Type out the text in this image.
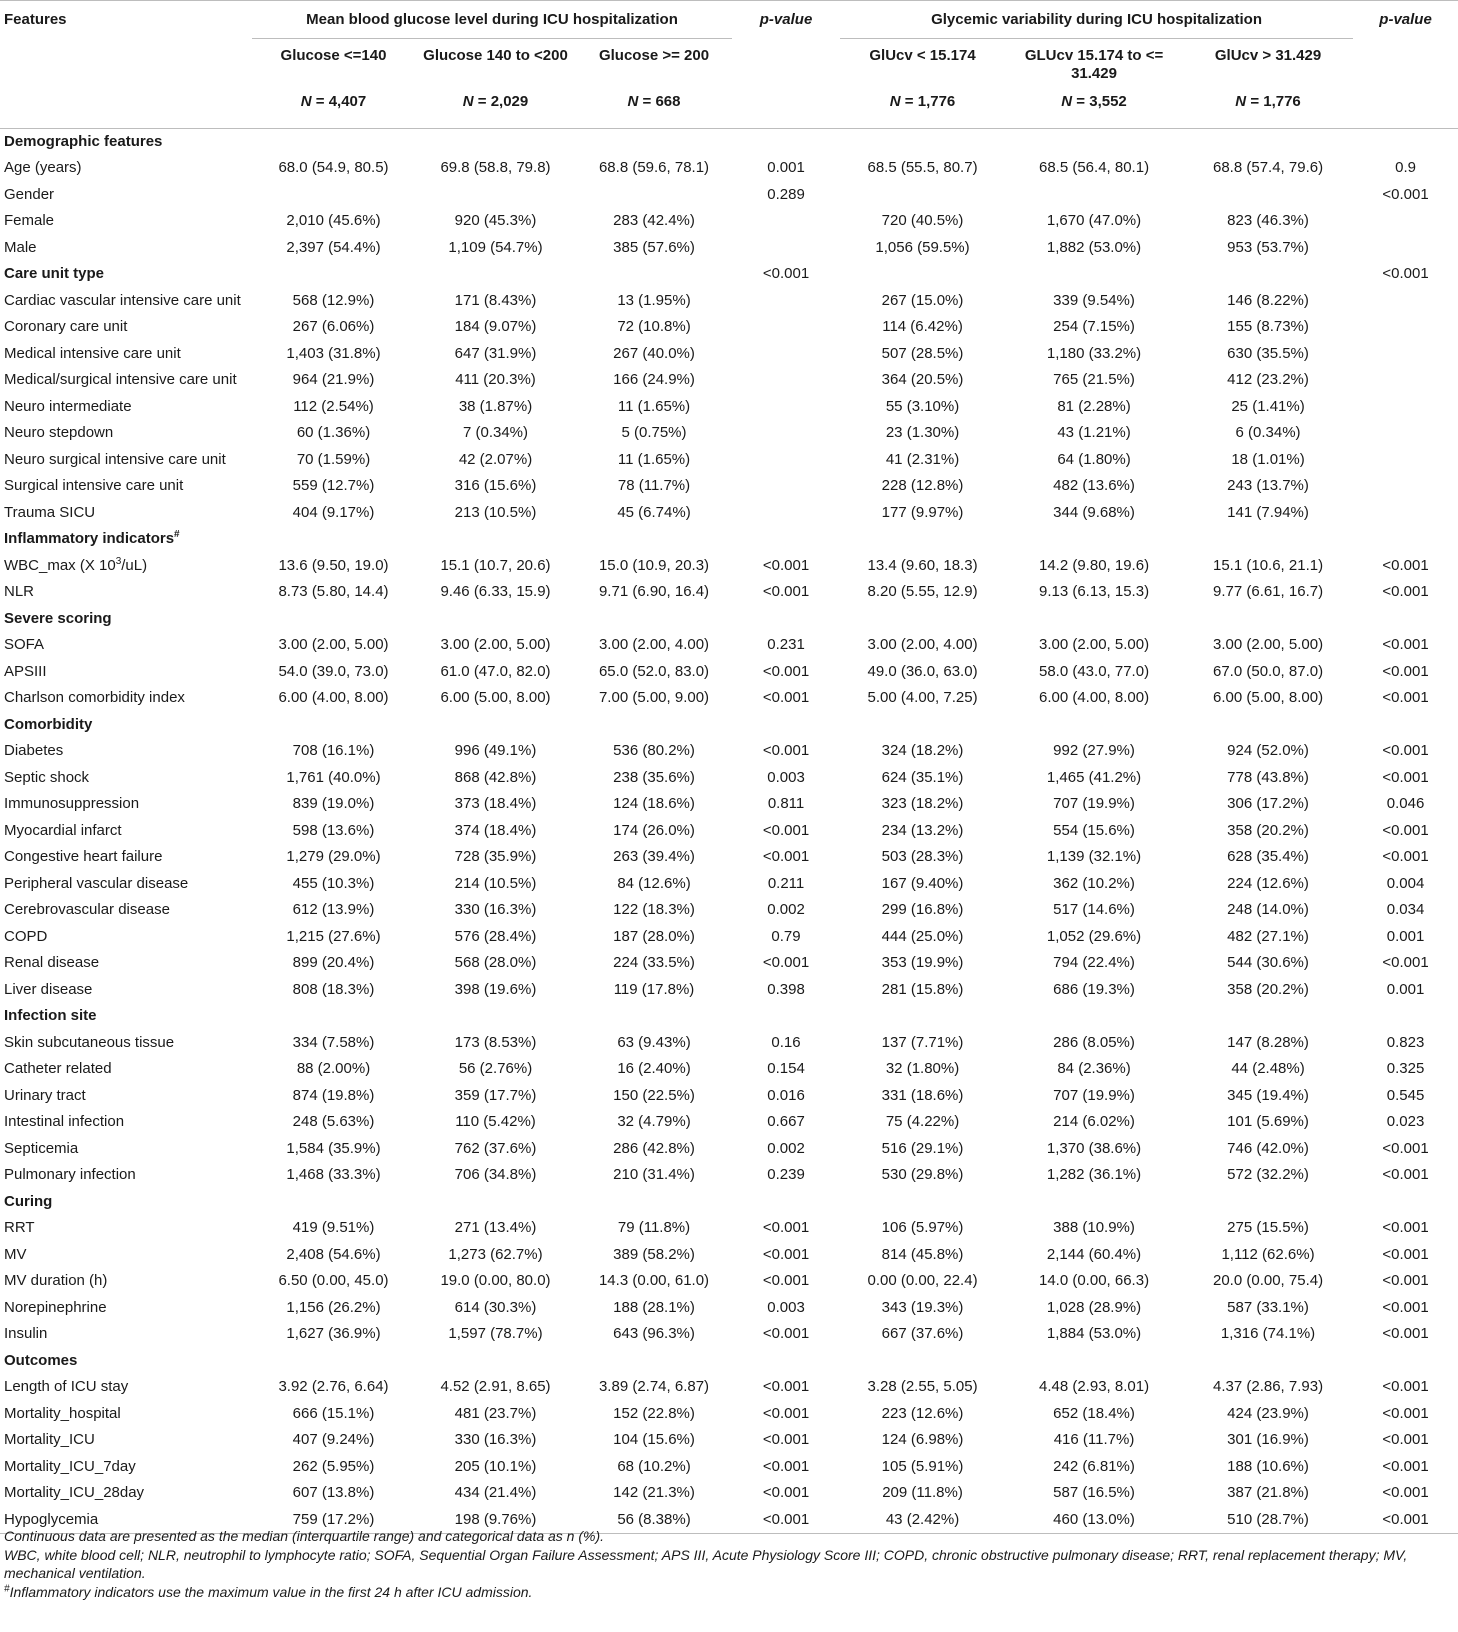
Features	Mean blood glucose level during ICU hospitalization			p-value	Glycemic variability during ICU hospitalization			p-value
	Glucose <=140	Glucose 140 to <200	Glucose >= 200		GlUcv < 15.174	GLUcv 15.174 to <= 31.429	GlUcv > 31.429	
	N = 4,407	N = 2,029	N = 668		N = 1,776	N = 3,552	N = 1,776	
Demographic features								
Age (years)	68.0 (54.9, 80.5)	69.8 (58.8, 79.8)	68.8 (59.6, 78.1)	0.001	68.5 (55.5, 80.7)	68.5 (56.4, 80.1)	68.8 (57.4, 79.6)	0.9
Gender				0.289				<0.001
Female	2,010 (45.6%)	920 (45.3%)	283 (42.4%)		720 (40.5%)	1,670 (47.0%)	823 (46.3%)	
Male	2,397 (54.4%)	1,109 (54.7%)	385 (57.6%)		1,056 (59.5%)	1,882 (53.0%)	953 (53.7%)	
Care unit type				<0.001				<0.001
Cardiac vascular intensive care unit	568 (12.9%)	171 (8.43%)	13 (1.95%)		267 (15.0%)	339 (9.54%)	146 (8.22%)	
Coronary care unit	267 (6.06%)	184 (9.07%)	72 (10.8%)		114 (6.42%)	254 (7.15%)	155 (8.73%)	
Medical intensive care unit	1,403 (31.8%)	647 (31.9%)	267 (40.0%)		507 (28.5%)	1,180 (33.2%)	630 (35.5%)	
Medical/surgical intensive care unit	964 (21.9%)	411 (20.3%)	166 (24.9%)		364 (20.5%)	765 (21.5%)	412 (23.2%)	
Neuro intermediate	112 (2.54%)	38 (1.87%)	11 (1.65%)		55 (3.10%)	81 (2.28%)	25 (1.41%)	
Neuro stepdown	60 (1.36%)	7 (0.34%)	5 (0.75%)		23 (1.30%)	43 (1.21%)	6 (0.34%)	
Neuro surgical intensive care unit	70 (1.59%)	42 (2.07%)	11 (1.65%)		41 (2.31%)	64 (1.80%)	18 (1.01%)	
Surgical intensive care unit	559 (12.7%)	316 (15.6%)	78 (11.7%)		228 (12.8%)	482 (13.6%)	243 (13.7%)	
Trauma SICU	404 (9.17%)	213 (10.5%)	45 (6.74%)		177 (9.97%)	344 (9.68%)	141 (7.94%)	
Inflammatory indicators#								
WBC_max (X $10^3/uL$)	13.6 (9.50, 19.0)	15.1 (10.7, 20.6)	15.0 (10.9, 20.3)	<0.001	13.4 (9.60, 18.3)	14.2 (9.80, 19.6)	15.1 (10.6, 21.1)	<0.001
NLR	8.73 (5.80, 14.4)	9.46 (6.33, 15.9)	9.71 (6.90, 16.4)	<0.001	8.20 (5.55, 12.9)	9.13 (6.13, 15.3)	9.77 (6.61, 16.7)	<0.001
Severe scoring								
SOFA	3.00 (2.00, 5.00)	3.00 (2.00, 5.00)	3.00 (2.00, 4.00)	0.231	3.00 (2.00, 4.00)	3.00 (2.00, 5.00)	3.00 (2.00, 5.00)	<0.001
APSIII	54.0 (39.0, 73.0)	61.0 (47.0, 82.0)	65.0 (52.0, 83.0)	<0.001	49.0 (36.0, 63.0)	58.0 (43.0, 77.0)	67.0 (50.0, 87.0)	<0.001
Charlson comorbidity index	6.00 (4.00, 8.00)	6.00 (5.00, 8.00)	7.00 (5.00, 9.00)	<0.001	5.00 (4.00, 7.25)	6.00 (4.00, 8.00)	6.00 (5.00, 8.00)	<0.001
Comorbidity								
Diabetes	708 (16.1%)	996 (49.1%)	536 (80.2%)	<0.001	324 (18.2%)	992 (27.9%)	924 (52.0%)	<0.001
Septic shock	1,761 (40.0%)	868 (42.8%)	238 (35.6%)	0.003	624 (35.1%)	1,465 (41.2%)	778 (43.8%)	<0.001
Immunosuppression	839 (19.0%)	373 (18.4%)	124 (18.6%)	0.811	323 (18.2%)	707 (19.9%)	306 (17.2%)	0.046
Myocardial infarct	598 (13.6%)	374 (18.4%)	174 (26.0%)	<0.001	234 (13.2%)	554 (15.6%)	358 (20.2%)	<0.001
Congestive heart failure	1,279 (29.0%)	728 (35.9%)	263 (39.4%)	<0.001	503 (28.3%)	1,139 (32.1%)	628 (35.4%)	<0.001
Peripheral vascular disease	455 (10.3%)	214 (10.5%)	84 (12.6%)	0.211	167 (9.40%)	362 (10.2%)	224 (12.6%)	0.004
Cerebrovascular disease	612 (13.9%)	330 (16.3%)	122 (18.3%)	0.002	299 (16.8%)	517 (14.6%)	248 (14.0%)	0.034
COPD	1,215 (27.6%)	576 (28.4%)	187 (28.0%)	0.79	444 (25.0%)	1,052 (29.6%)	482 (27.1%)	0.001
Renal disease	899 (20.4%)	568 (28.0%)	224 (33.5%)	<0.001	353 (19.9%)	794 (22.4%)	544 (30.6%)	<0.001
Liver disease	808 (18.3%)	398 (19.6%)	119 (17.8%)	0.398	281 (15.8%)	686 (19.3%)	358 (20.2%)	0.001
Infection site								
Skin subcutaneous tissue	334 (7.58%)	173 (8.53%)	63 (9.43%)	0.16	137 (7.71%)	286 (8.05%)	147 (8.28%)	0.823
Catheter related	88 (2.00%)	56 (2.76%)	16 (2.40%)	0.154	32 (1.80%)	84 (2.36%)	44 (2.48%)	0.325
Urinary tract	874 (19.8%)	359 (17.7%)	150 (22.5%)	0.016	331 (18.6%)	707 (19.9%)	345 (19.4%)	0.545
Intestinal infection	248 (5.63%)	110 (5.42%)	32 (4.79%)	0.667	75 (4.22%)	214 (6.02%)	101 (5.69%)	0.023
Septicemia	1,584 (35.9%)	762 (37.6%)	286 (42.8%)	0.002	516 (29.1%)	1,370 (38.6%)	746 (42.0%)	<0.001
Pulmonary infection	1,468 (33.3%)	706 (34.8%)	210 (31.4%)	0.239	530 (29.8%)	1,282 (36.1%)	572 (32.2%)	<0.001
Curing								
RRT	419 (9.51%)	271 (13.4%)	79 (11.8%)	<0.001	106 (5.97%)	388 (10.9%)	275 (15.5%)	<0.001
MV	2,408 (54.6%)	1,273 (62.7%)	389 (58.2%)	<0.001	814 (45.8%)	2,144 (60.4%)	1,112 (62.6%)	<0.001
MV duration (h)	6.50 (0.00, 45.0)	19.0 (0.00, 80.0)	14.3 (0.00, 61.0)	<0.001	0.00 (0.00, 22.4)	14.0 (0.00, 66.3)	20.0 (0.00, 75.4)	<0.001
Norepinephrine	1,156 (26.2%)	614 (30.3%)	188 (28.1%)	0.003	343 (19.3%)	1,028 (28.9%)	587 (33.1%)	<0.001
Insulin	1,627 (36.9%)	1,597 (78.7%)	643 (96.3%)	<0.001	667 (37.6%)	1,884 (53.0%)	1,316 (74.1%)	<0.001
Outcomes								
Length of ICU stay	3.92 (2.76, 6.64)	4.52 (2.91, 8.65)	3.89 (2.74, 6.87)	<0.001	3.28 (2.55, 5.05)	4.48 (2.93, 8.01)	4.37 (2.86, 7.93)	<0.001
Mortality_hospital	666 (15.1%)	481 (23.7%)	152 (22.8%)	<0.001	223 (12.6%)	652 (18.4%)	424 (23.9%)	<0.001
Mortality_ICU	407 (9.24%)	330 (16.3%)	104 (15.6%)	<0.001	124 (6.98%)	416 (11.7%)	301 (16.9%)	<0.001
Mortality_ICU_7day	262 (5.95%)	205 (10.1%)	68 (10.2%)	<0.001	105 (5.91%)	242 (6.81%)	188 (10.6%)	<0.001
Mortality_ICU_28day	607 (13.8%)	434 (21.4%)	142 (21.3%)	<0.001	209 (11.8%)	587 (16.5%)	387 (21.8%)	<0.001
Hypoglycemia	759 (17.2%)	198 (9.76%)	56 (8.38%)	<0.001	43 (2.42%)	460 (13.0%)	510 (28.7%)	<0.001

Continuous data are presented as the median (interquartile range) and categorical data as n (%).

WBC, white blood cell; NLR, neutrophil to lymphocyte ratio; SOFA, Sequential Organ Failure Assessment; APS III, Acute Physiology Score III; COPD, chronic obstructive pulmonary disease; RRT, renal replacement therapy; MV, mechanical ventilation.

#Inflammatory indicators use the maximum value in the first 24 h after ICU admission.
